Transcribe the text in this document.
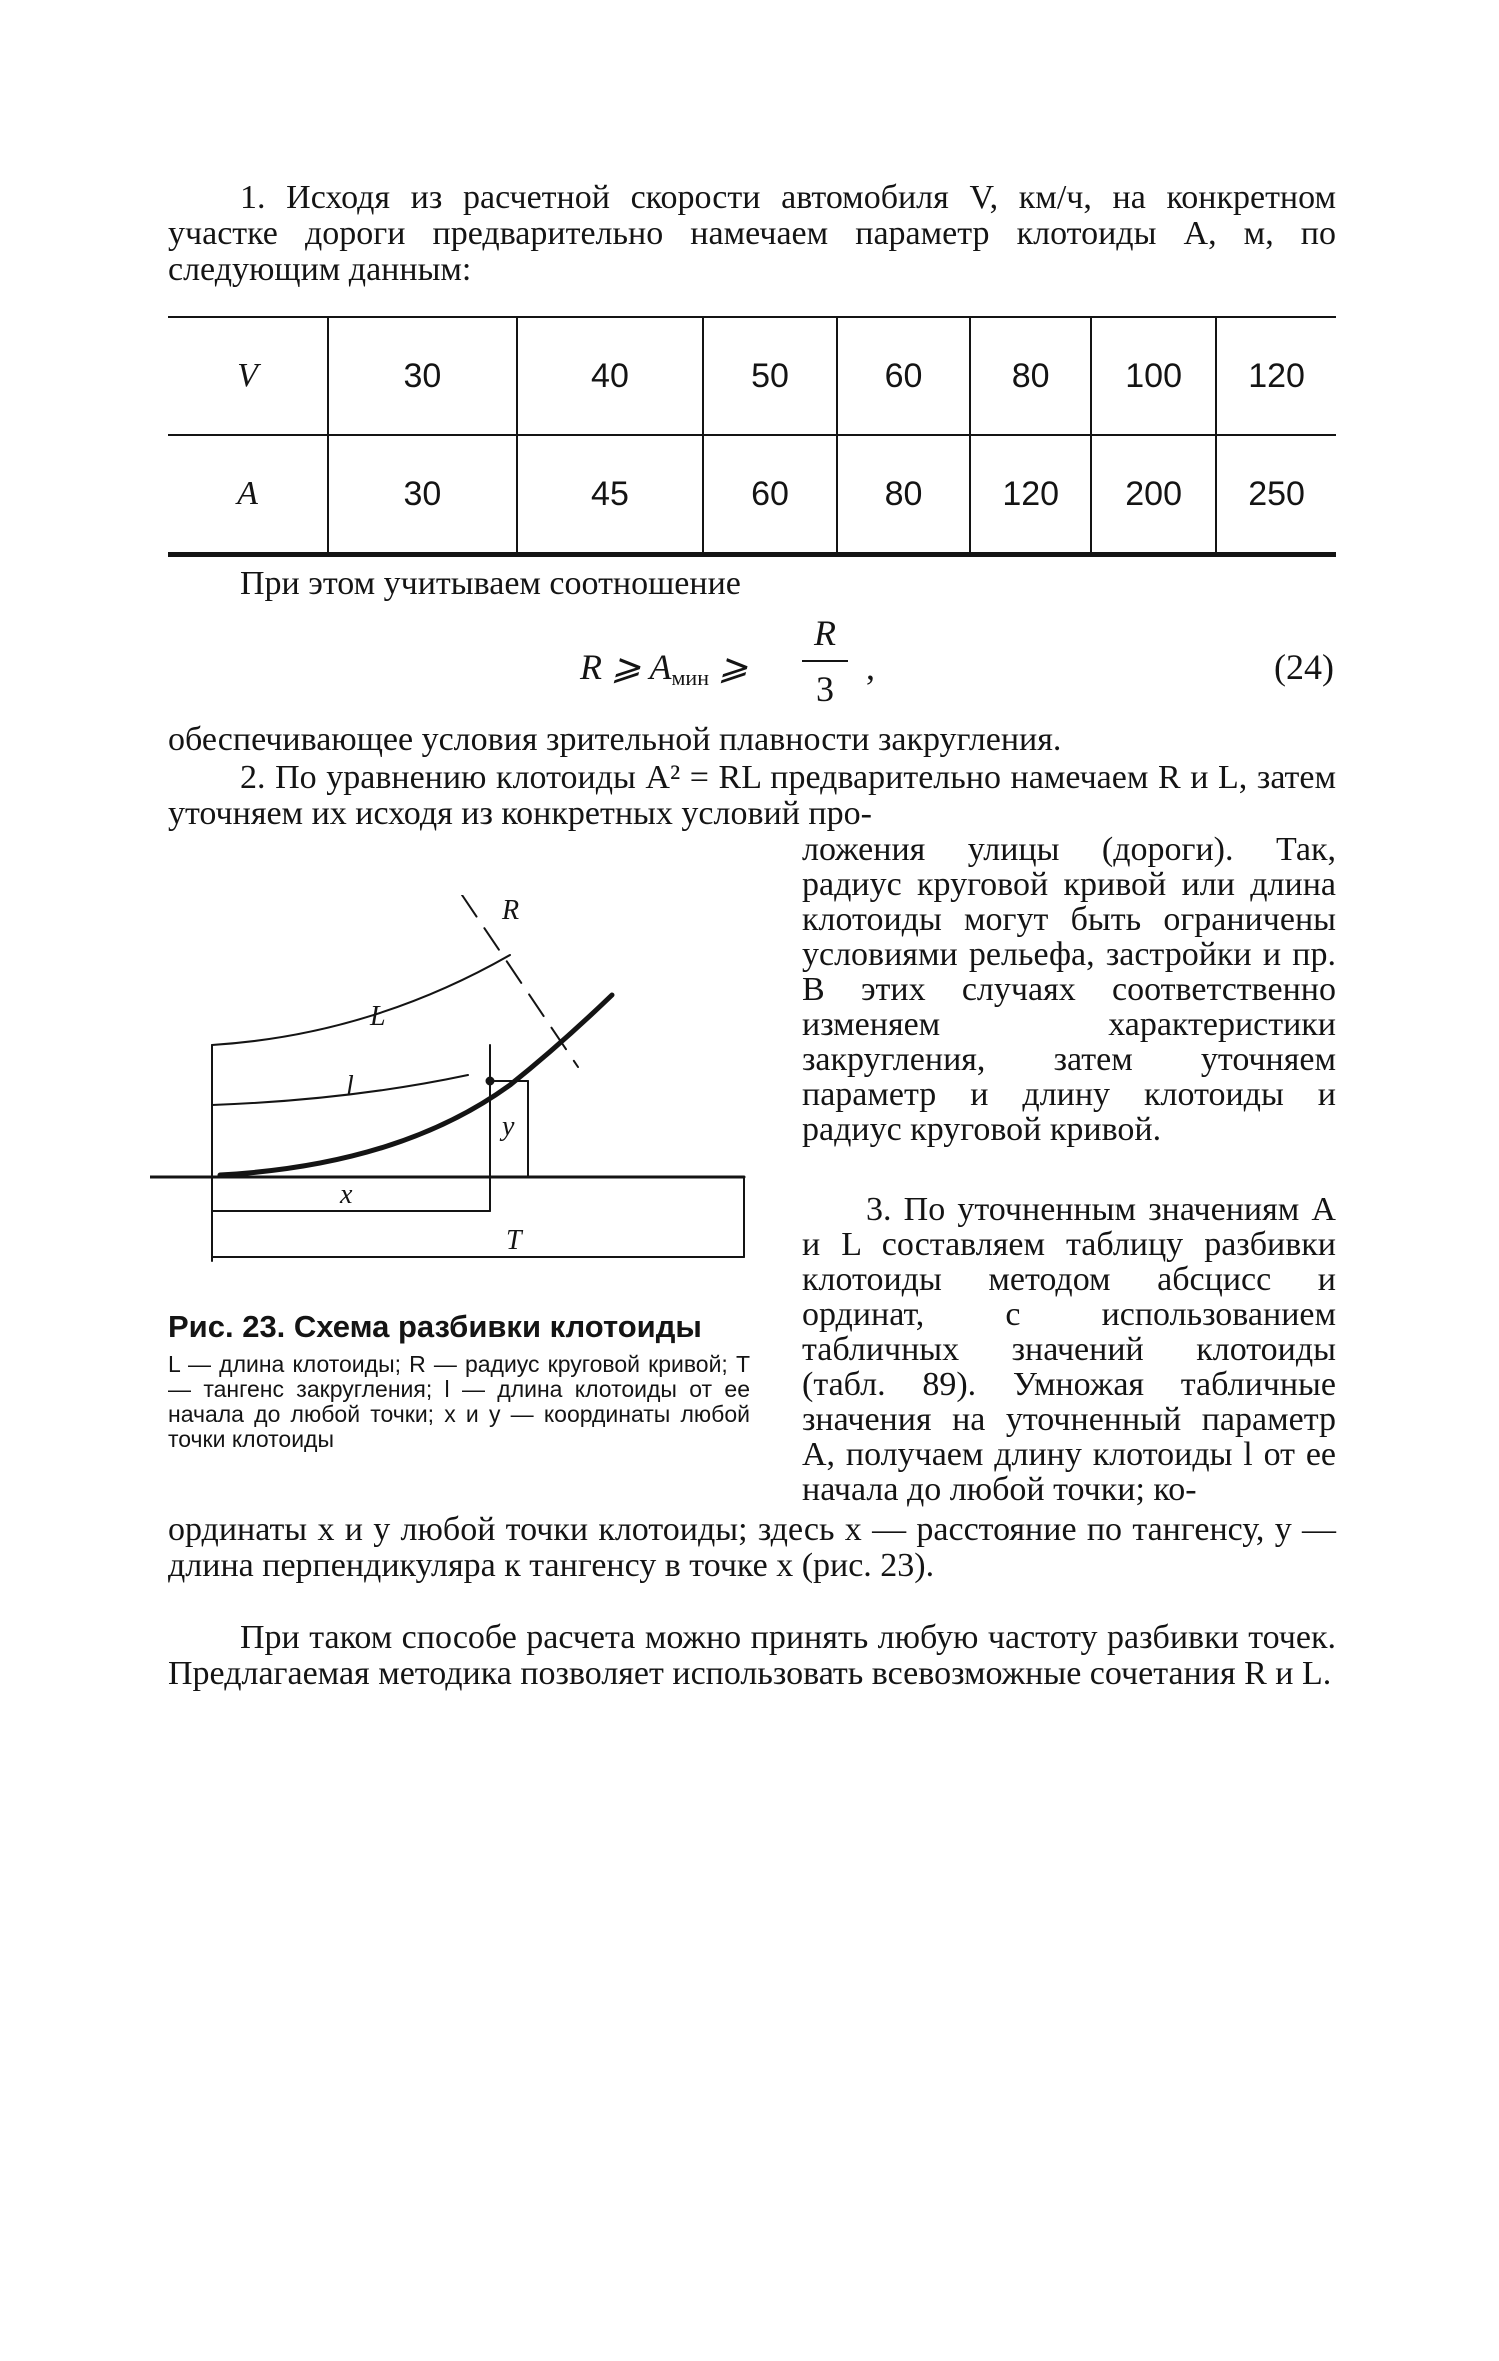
1. Исходя из расчетной скорости автомобиля V, км/ч, на конкретном участке дороги предварительно намечаем параметр клотоиды A, м, по следующим данным:

V	30	40	50	60	80	100	120
A	30	45	60	80	120	200	250

При этом учитываем соотношение

R ⩾ $A_{мин}$ ⩾
R
3
,	(24)

обеспечивающее условия зрительной плавности закругления.

2. По уравнению клотоиды A² = RL предварительно намечаем R и L, затем уточняем их исходя из конкретных условий про-

ложения улицы (дороги). Так, радиус круговой кривой или длина клотоиды могут быть ограничены условиями рельефа, застройки и пр. В этих случаях соответственно изменяем характеристики закругления, затем уточняем параметр и длину клотоиды и радиус круговой кривой.

3. По уточненным значениям A и L составляем таблицу разбивки клотоиды методом абсцисс и ординат, с использованием табличных значений клотоиды (табл. 89). Умножая табличные значения на уточненный параметр A, получаем длину клотоиды l от ее начала до любой точки; ко-

ординаты x и y любой точки клотоиды; здесь x — расстояние по тангенсу, y — длина перпендикуляра к тангенсу в точке x (рис. 23).

При таком способе расчета можно принять любую частоту разбивки точек. Предлагаемая методика позволяет использовать всевозможные сочетания R и L.

R
L
l
y
x
T

Рис. 23. Схема разбивки клотоиды

L — длина клотоиды; R — радиус круговой кривой; T — тангенс закругления; l — длина клотоиды от ее начала до любой точки; x и y — координаты любой точки клотоиды
